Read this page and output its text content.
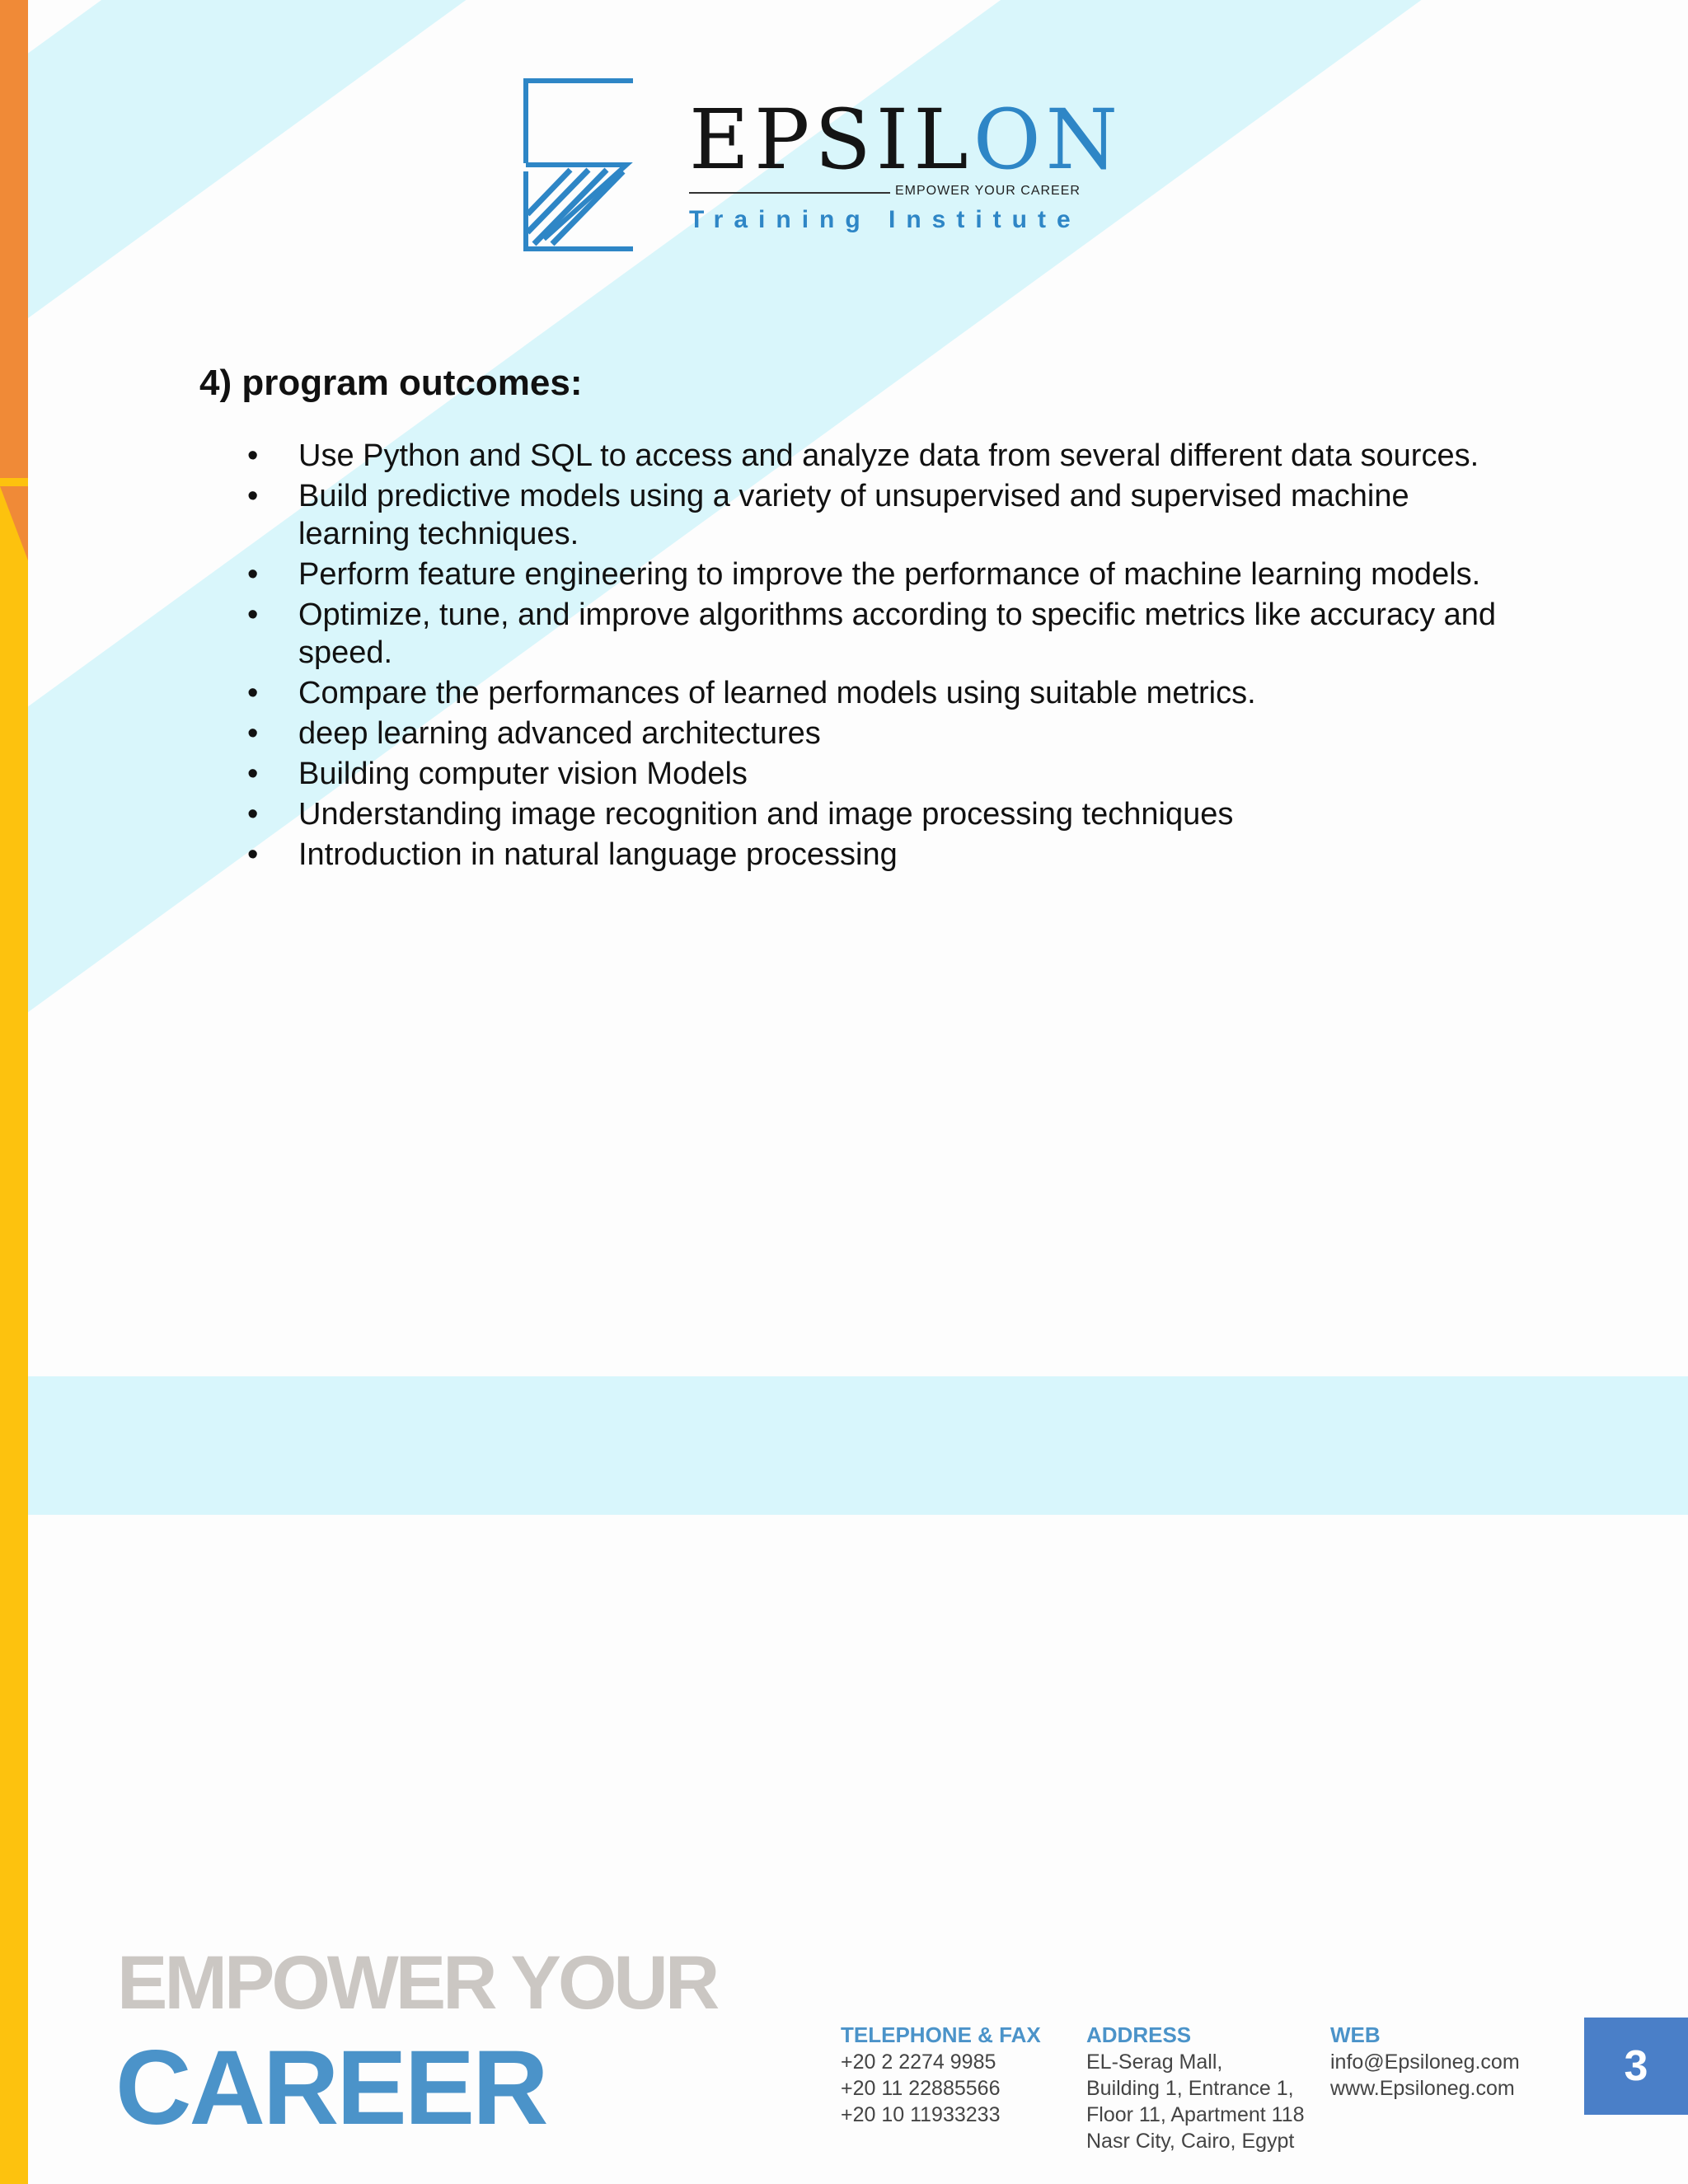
EPSILON
EMPOWER YOUR CAREER
Training Institute
4) program outcomes:
• Use Python and SQL to access and analyze data from several different data sources.
• Build predictive models using a variety of unsupervised and supervised machine learning techniques.
• Perform feature engineering to improve the performance of machine learning models.
• Optimize, tune, and improve algorithms according to specific metrics like accuracy and speed.
• Compare the performances of learned models using suitable metrics.
• deep learning advanced architectures
• Building computer vision Models
• Understanding image recognition and image processing techniques
• Introduction in natural language processing
EMPOWER YOUR
CAREER	TELEPHONE & FAX
+20 2 2274 9985
+20 11 22885566
+20 10 11933233
ADDRESS
EL-Serag Mall,
Building 1, Entrance 1,
Floor 11, Apartment 118
Nasr City, Cairo, Egypt
WEB
info@Epsiloneg.com
www.Epsiloneg.com	3
